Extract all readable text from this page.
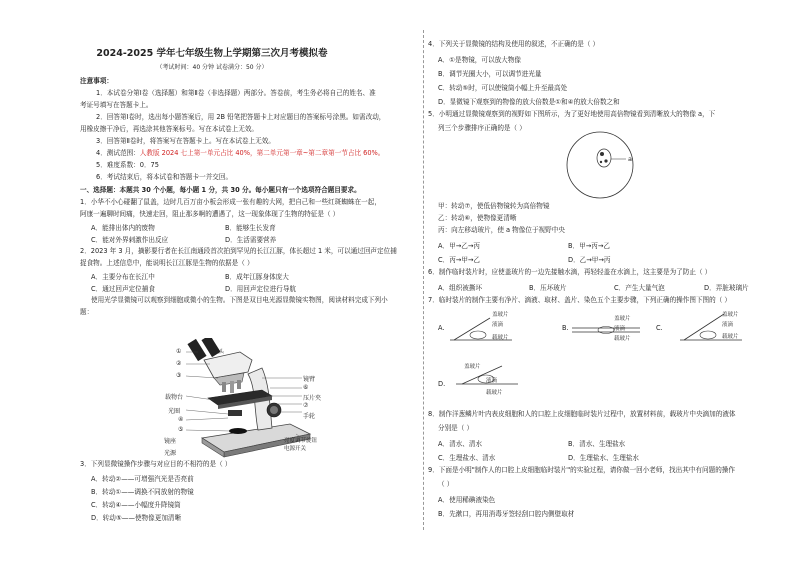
2024-2025 学年七年级生物上学期第三次月考模拟卷
（考试时间：40 分钟 试卷满分：50 分）
注意事项：
1．本试卷分第Ⅰ卷（选择题）和第Ⅱ卷（非选择题）两部分。答卷前，考生务必将自己的姓名、准
考证号填写在答题卡上。
2．回答第Ⅰ卷时，选出每小题答案后，用 2B 铅笔把答题卡上对应题目的答案标号涂黑。如需改动，
用橡皮擦干净后，再选涂其他答案标号。写在本试卷上无效。
3．回答第Ⅱ卷时，将答案写在答题卡上。写在本试卷上无效。
4．测试范围：人教版 2024 七上第一单元占比 40%，第二单元第一章~第二章第一节占比 60%。
5．难度系数：0．75
6．考试结束后，将本试卷和答题卡一并交回。
一、选择题：本题共 30 个小题，每小题 1 分，共 30 分。每小题只有一个选项符合题目要求。
1．小华不小心碰翻了鼠盖，边时几百万亩小板会形成一张有趣的大网，把自己和一些红斑蜘蛛在一起，
阿康一遍聊时间痛，快速走回，阻止那多啊的遭遇了，这一现象体现了生物的特征是（ ）
A．能排出体内的废物	B．能够生长发育
C．能对外界刺激作出反应	D．生活需要营养
2．2023 年 3 月，摘影要行者在长江南通段首次拍到罕见的长江江豚，体长超过 1 米，可以通过回声定位捕
捉食物。上述信息中，能说明长江江豚是生物的依据是（ ）
A．主要分布在长江中	B．成年江豚身体庞大
C．通过回声定位捕食	D．用回声定位进行导航
使用光学显微镜可以观察到细胞或微小的生物。下图是双目电光源显微镜实物图，阅读材料完成下列小
题：
①
②
③
载物台
光圈
④
⑤
镜头
镜座
光源
镜臂
⑥
压片夹
⑦
手轮
亮度调节旋钮
电源开关
3．下列显微镜操作步骤与对应目的不相符的是（ ）
A．转动②——可增强汽光是否亮前
B．转动①——调换不同放射的物镜
C．转动④——小幅度升降镜筒
D．转动⑤——使物像更加清晰
4．下列关于显微镜的结构及使用的叙述，不正确的是（ ）
A．①是物镜，可以放大物像
B．调节光圈大小，可以调节进光量
C．转动⑤时，可以使镜筒小幅上升至最高处
D．显微镜下观察到的物像的放大倍数是①和④的放大倍数之和
5．小明通过显微镜观察到的视野如下图所示，为了更好地使用高倍物镜看到清晰放大的物像 a，下
列三个步骤排序正确的是（ ）
a
甲：转动⑦，使低倍物镜转为高倍物镜
乙：转动⑥，使物像更清晰
丙：向左移动玻片，使 a 物像位于视野中央
A．甲→乙→丙	B．甲→丙→乙
C．丙→甲→乙	D．乙→甲→丙
6．制作临时装片时，应使盖玻片的一边先接触水滴，再轻轻盖在水滴上，这主要是为了防止（ ）
A．组织被撕坏	B．压坏玻片	C．产生大量气泡	D．弄脏玻璃片
7．临时装片的制作主要有净片、滴液、取材、盖片、染色五个主要步骤，下列正确的操作图下图的（ ）
A.
盖玻片
液滴
载玻片
B.
盖玻片
液滴
载玻片
C.
盖玻片
液滴
载玻片
D.
盖玻片
液滴
载玻片
8．制作洋葱鳞片叶内表皮细胞和人的口腔上皮细胞临时装片过程中，放置材料前，载玻片中央滴加的液体
分别是（ ）
A．清水、清水	B．清水、生理盐水
C．生理盐水、清水	D．生理盐水、生理盐水
9．下面是小明"制作人的口腔上皮细胞临时装片"的实验过程，请你做一回小老师，找出其中有问题的操作
（ ）
A．使用稀碘液染色
B．先漱口，再用消毒牙签轻刮口腔内侧壁取材
